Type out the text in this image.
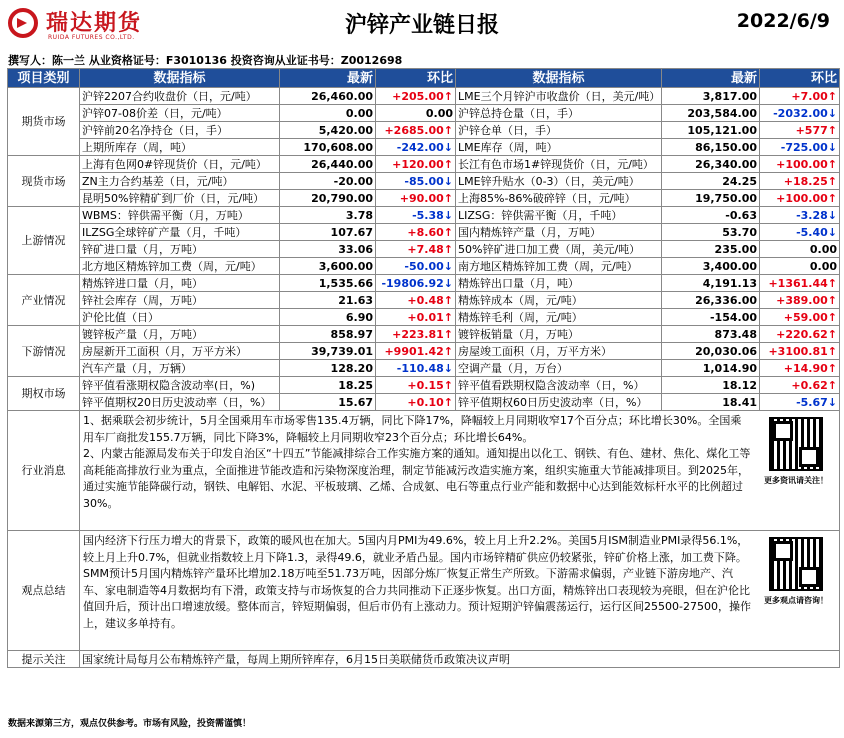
瑞达期货
RUIDA FUTURES CO.,LTD.	沪锌产业链日报	2022/6/9
撰写人：陈一兰 从业资格证号：F3010136 投资咨询从业证书号：Z0012698
项目类别	数据指标	最新	环比	数据指标	最新	环比
期货市场	沪锌2207合约收盘价（日，元/吨）	26,460.00	+205.00↑	LME三个月锌沪市收盘价（日，美元/吨）	3,817.00	+7.00↑
	沪锌07-08价差（日，元/吨）	0.00	0.00	沪锌总持仓量（日，手）	203,584.00	-2032.00↓
	沪锌前20名净持仓（日，手）	5,420.00	+2685.00↑	沪锌仓单（日，手）	105,121.00	+577↑
	上期所库存（周，吨）	170,608.00	-242.00↓	LME库存（周，吨）	86,150.00	-725.00↓
现货市场	上海有色网0#锌现货价（日，元/吨）	26,440.00	+120.00↑	长江有色市场1#锌现货价（日，元/吨）	26,340.00	+100.00↑
	ZN主力合约基差（日，元/吨）	-20.00	-85.00↓	LME锌升贴水（0-3）（日，美元/吨）	24.25	+18.25↑
	昆明50%锌精矿到厂价（日，元/吨）	20,790.00	+90.00↑	上海85%-86%破碎锌（日，元/吨）	19,750.00	+100.00↑
上游情况	WBMS：锌供需平衡（月，万吨）	3.78	-5.38↓	LIZSG：锌供需平衡（月，千吨）	-0.63	-3.28↓
	ILZSG全球锌矿产量（月，千吨）	107.67	+8.60↑	国内精炼锌产量（月，万吨）	53.70	-5.40↓
	锌矿进口量（月，万吨）	33.06	+7.48↑	50%锌矿进口加工费（周，美元/吨）	235.00	0.00
	北方地区精炼锌加工费（周，元/吨）	3,600.00	-50.00↓	南方地区精炼锌加工费（周，元/吨）	3,400.00	0.00
产业情况	精炼锌进口量（月，吨）	1,535.66	-19806.92↓	精炼锌出口量（月，吨）	4,191.13	+1361.44↑
	锌社会库存（周，万吨）	21.63	+0.48↑	精炼锌成本（周，元/吨）	26,336.00	+389.00↑
	沪伦比值（日）	6.90	+0.01↑	精炼锌毛利（周，元/吨）	-154.00	+59.00↑
下游情况	镀锌板产量（月，万吨）	858.97	+223.81↑	镀锌板销量（月，万吨）	873.48	+220.62↑
	房屋新开工面积（月，万平方米）	39,739.01	+9901.42↑	房屋竣工面积（月，万平方米）	20,030.06	+3100.81↑
	汽车产量（月，万辆）	128.20	-110.48↓	空调产量（月，万台）	1,014.90	+14.90↑
期权市场	锌平值看涨期权隐含波动率(日，%)	18.25	+0.15↑	锌平值看跌期权隐含波动率（日，%）	18.12	+0.62↑
	锌平值期权20日历史波动率（日，%）	15.67	+0.10↑	锌平值期权60日历史波动率（日，%）	18.41	-5.67↓
行业消息	1、据乘联会初步统计，5月全国乘用车市场零售135.4万辆，同比下降17%，降幅较上月同期收窄17个百分点；环比增长30%。全国乘用车厂商批发155.7万辆，同比下降3%，降幅较上月同期收窄23个百分点；环比增长64%。
2、内蒙古能源局发布关于印发自治区“十四五”节能减排综合工作实施方案的通知。通知提出以化工、钢铁、有色、建材、焦化、煤化工等高耗能高排放行业为重点，全面推进节能改造和污染物深度治理，制定节能减污改造实施方案，组织实施重大节能减排项目。到2025年，通过实施节能降碳行动，钢铁、电解铝、水泥、平板玻璃、乙烯、合成氨、电石等重点行业产能和数据中心达到能效标杆水平的比例超过30%。
更多资讯请关注！					

观点总结	国内经济下行压力增大的背景下，政策的暖风也在加大。5国内月PMI为49.6%，较上月上升2.2%。美国5月ISM制造业PMI录得56.1%，较上月上升0.7%，但就业指数较上月下降1.3，录得49.6，就业矛盾凸显。国内市场锌精矿供应仍较紧张，锌矿价格上涨，加工费下降。SMM预计5月国内精炼锌产量环比增加2.18万吨至51.73万吨，因部分炼厂恢复正常生产所致。下游需求偏弱，产业链下游房地产、汽车、家电制造等4月数据均有下滑，政策支持与市场恢复的合力共同推动下正逐步恢复。出口方面，精炼锌出口表现较为亮眼，但在沪伦比值回升后，预计出口增速放缓。整体而言，锌短期偏弱，但后市仍有上涨动力。预计短期沪锌偏震荡运行，运行区间25500-27500，操作上，建议多单持有。
更多观点请咨询！					

提示关注	国家统计局每月公布精炼锌产量，每周上期所锌库存，6月15日美联储货币政策决议声明					
数据来源第三方，观点仅供参考。市场有风险，投资需谨慎！
